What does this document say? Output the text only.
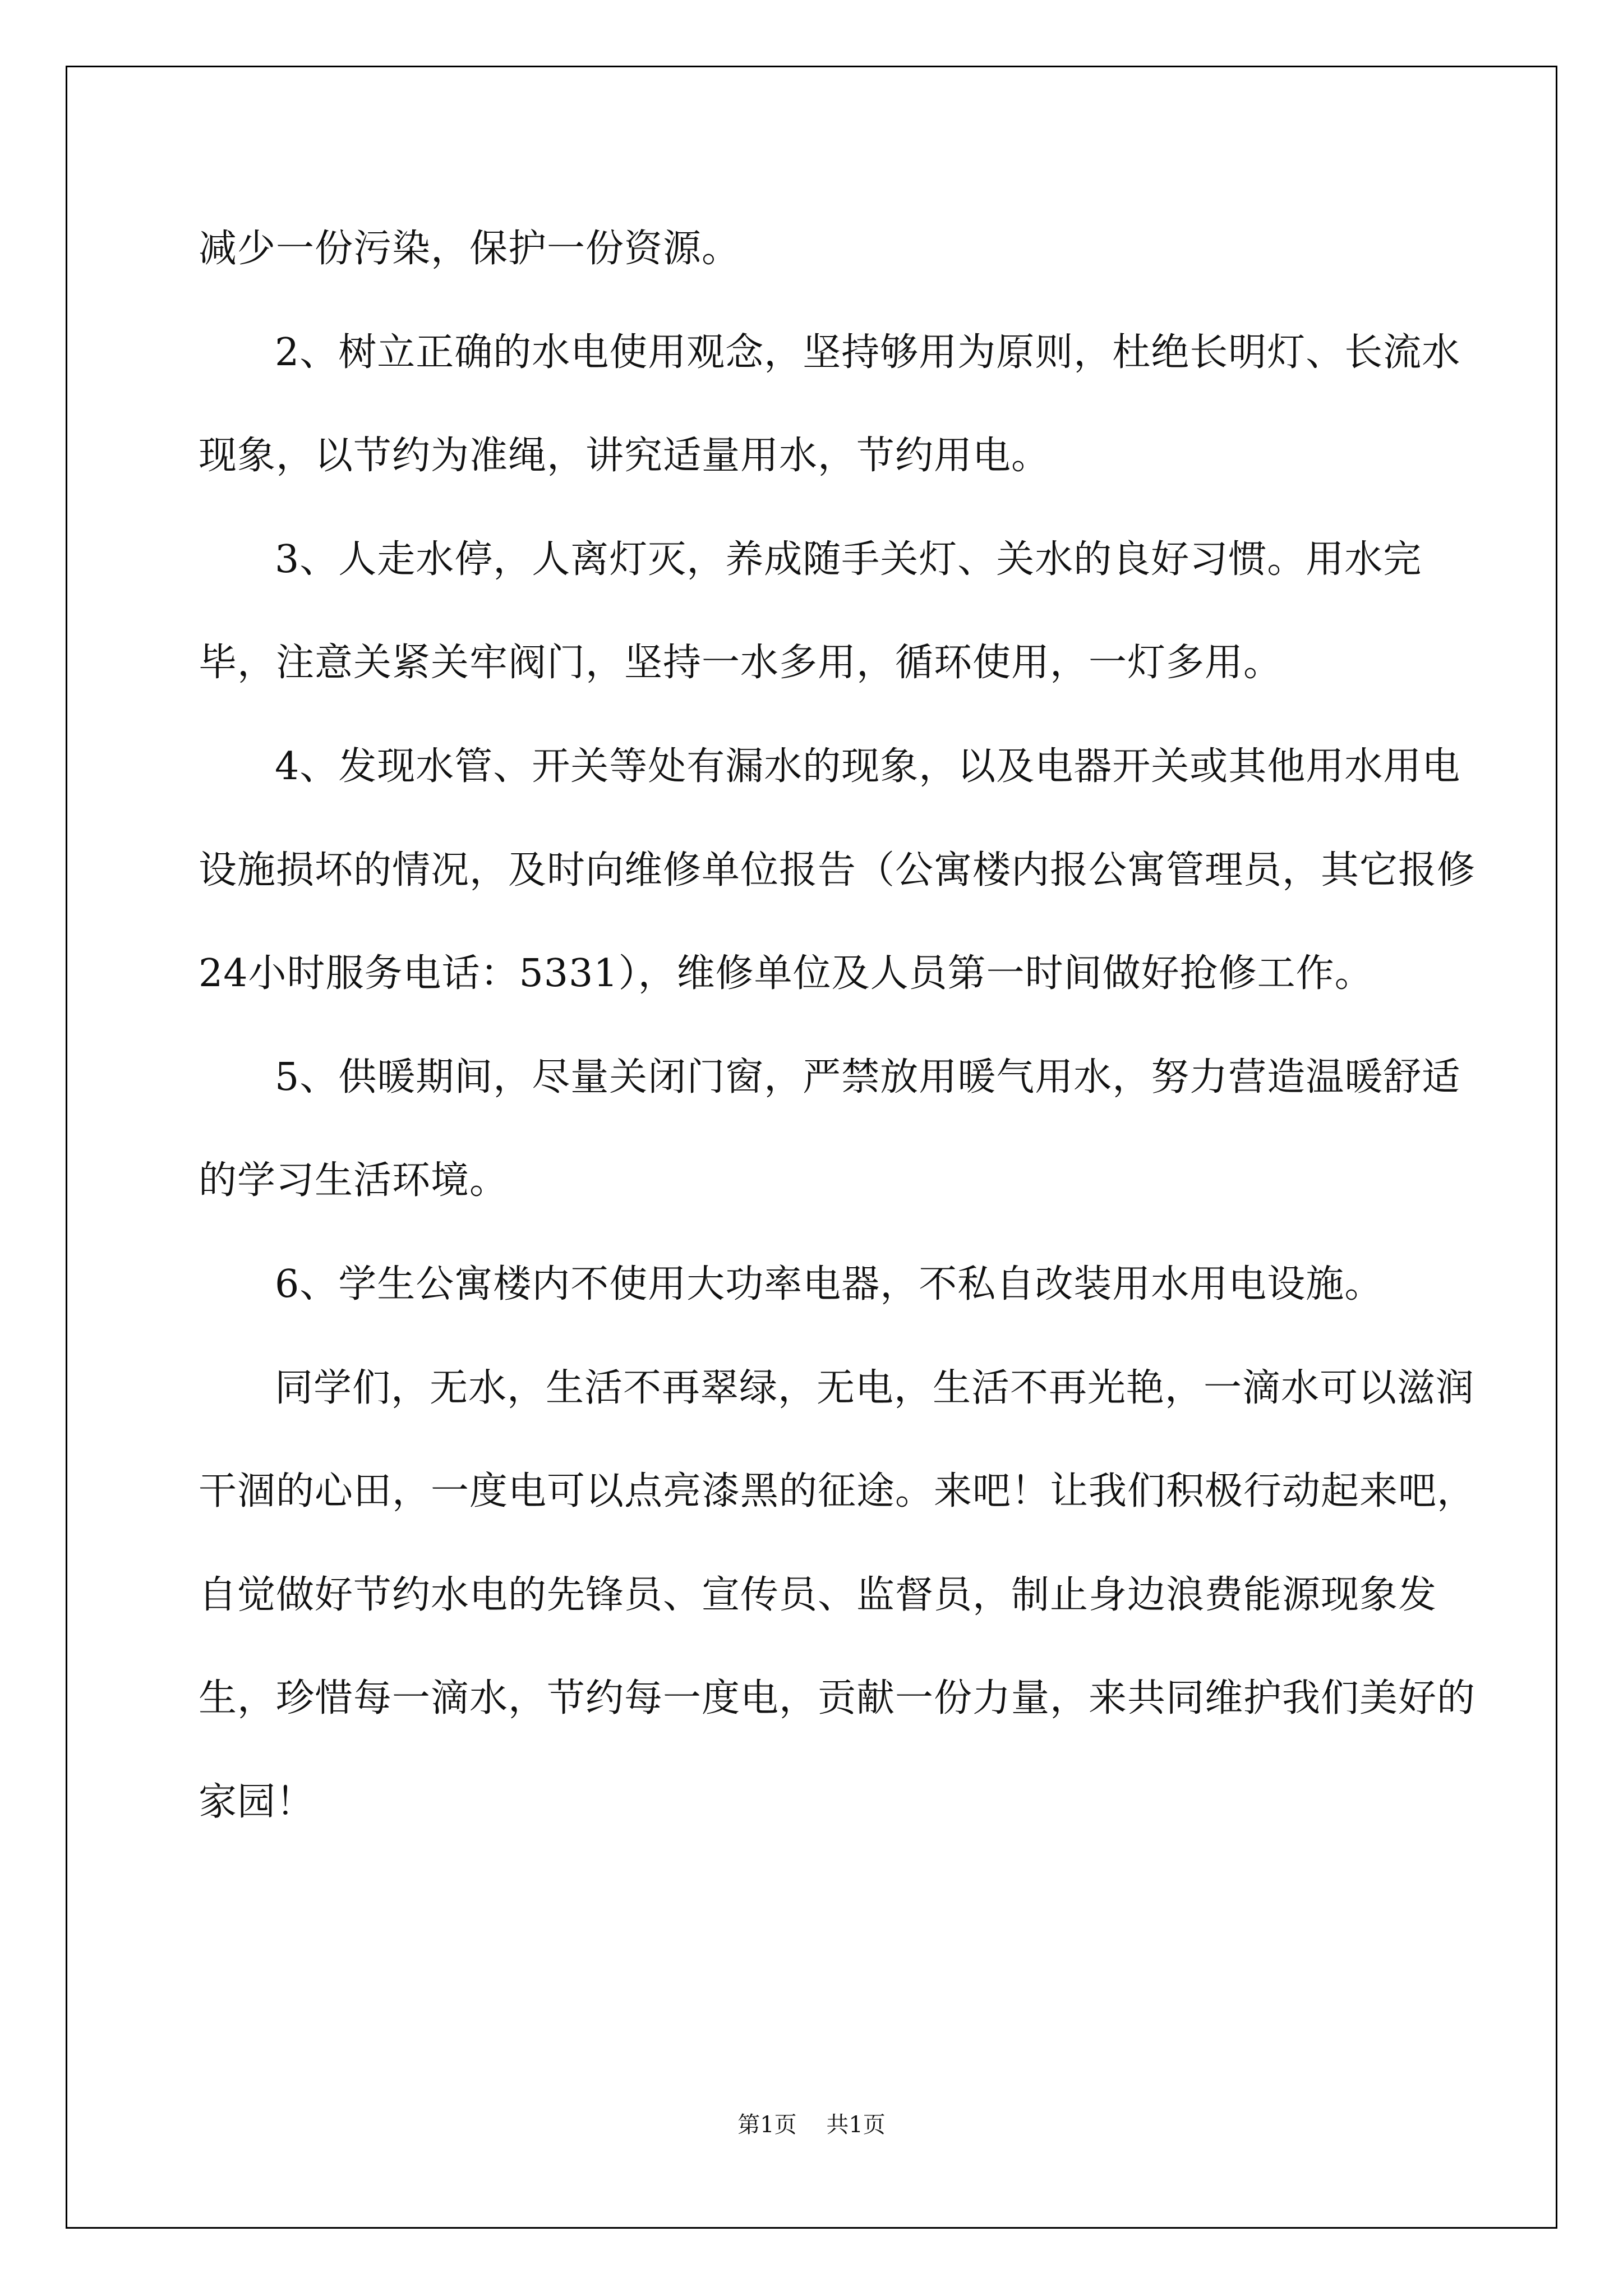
减少一份污染，保护一份资源。

2、树立正确的水电使用观念，坚持够用为原则，杜绝长明灯、长流水现象，以节约为准绳，讲究适量用水，节约用电。

3、人走水停，人离灯灭，养成随手关灯、关水的良好习惯。用水完毕，注意关紧关牢阀门，坚持一水多用，循环使用，一灯多用。

4、发现水管、开关等处有漏水的现象，以及电器开关或其他用水用电设施损坏的情况，及时向维修单位报告（公寓楼内报公寓管理员，其它报修24小时服务电话：5331），维修单位及人员第一时间做好抢修工作。

5、供暖期间，尽量关闭门窗，严禁放用暖气用水，努力营造温暖舒适的学习生活环境。

6、学生公寓楼内不使用大功率电器，不私自改装用水用电设施。

同学们，无水，生活不再翠绿，无电，生活不再光艳，一滴水可以滋润干涸的心田，一度电可以点亮漆黑的征途。来吧！让我们积极行动起来吧，自觉做好节约水电的先锋员、宣传员、监督员，制止身边浪费能源现象发生，珍惜每一滴水，节约每一度电，贡献一份力量，来共同维护我们美好的家园！

第1页 共1页
